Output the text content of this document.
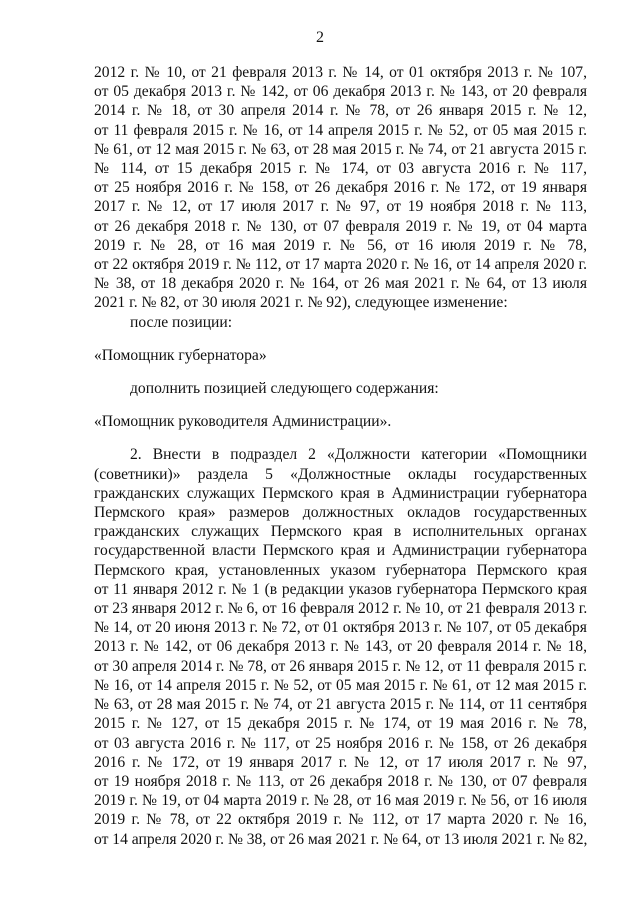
2
2012 г. № 10, от 21 февраля 2013 г. № 14, от 01 октября 2013 г. № 107,
от 05 декабря 2013 г. № 142, от 06 декабря 2013 г. № 143, от 20 февраля
2014 г. № 18, от 30 апреля 2014 г. № 78, от 26 января 2015 г. № 12,
от 11 февраля 2015 г. № 16, от 14 апреля 2015 г. № 52, от 05 мая 2015 г.
№ 61, от 12 мая 2015 г. № 63, от 28 мая 2015 г. № 74, от 21 августа 2015 г.
№ 114, от 15 декабря 2015 г. № 174, от 03 августа 2016 г. № 117,
от 25 ноября 2016 г. № 158, от 26 декабря 2016 г. № 172, от 19 января
2017 г. № 12, от 17 июля 2017 г. № 97, от 19 ноября 2018 г. № 113,
от 26 декабря 2018 г. № 130, от 07 февраля 2019 г. № 19, от 04 марта
2019 г. № 28, от 16 мая 2019 г. № 56, от 16 июля 2019 г. № 78,
от 22 октября 2019 г. № 112, от 17 марта 2020 г. № 16, от 14 апреля 2020 г.
№ 38, от 18 декабря 2020 г. № 164, от 26 мая 2021 г. № 64, от 13 июля
2021 г. № 82, от 30 июля 2021 г. № 92), следующее изменение:
после позиции:
«Помощник губернатора»
дополнить позицией следующего содержания:
«Помощник руководителя Администрации».
2. Внести в подраздел 2 «Должности категории «Помощники
(советники)» раздела 5 «Должностные оклады государственных
гражданских служащих Пермского края в Администрации губернатора
Пермского края» размеров должностных окладов государственных
гражданских служащих Пермского края в исполнительных органах
государственной власти Пермского края и Администрации губернатора
Пермского края, установленных указом губернатора Пермского края
от 11 января 2012 г. № 1 (в редакции указов губернатора Пермского края
от 23 января 2012 г. № 6, от 16 февраля 2012 г. № 10, от 21 февраля 2013 г.
№ 14, от 20 июня 2013 г. № 72, от 01 октября 2013 г. № 107, от 05 декабря
2013 г. № 142, от 06 декабря 2013 г. № 143, от 20 февраля 2014 г. № 18,
от 30 апреля 2014 г. № 78, от 26 января 2015 г. № 12, от 11 февраля 2015 г.
№ 16, от 14 апреля 2015 г. № 52, от 05 мая 2015 г. № 61, от 12 мая 2015 г.
№ 63, от 28 мая 2015 г. № 74, от 21 августа 2015 г. № 114, от 11 сентября
2015 г. № 127, от 15 декабря 2015 г. № 174, от 19 мая 2016 г. № 78,
от 03 августа 2016 г. № 117, от 25 ноября 2016 г. № 158, от 26 декабря
2016 г. № 172, от 19 января 2017 г. № 12, от 17 июля 2017 г. № 97,
от 19 ноября 2018 г. № 113, от 26 декабря 2018 г. № 130, от 07 февраля
2019 г. № 19, от 04 марта 2019 г. № 28, от 16 мая 2019 г. № 56, от 16 июля
2019 г. № 78, от 22 октября 2019 г. № 112, от 17 марта 2020 г. № 16,
от 14 апреля 2020 г. № 38, от 26 мая 2021 г. № 64, от 13 июля 2021 г. № 82,
